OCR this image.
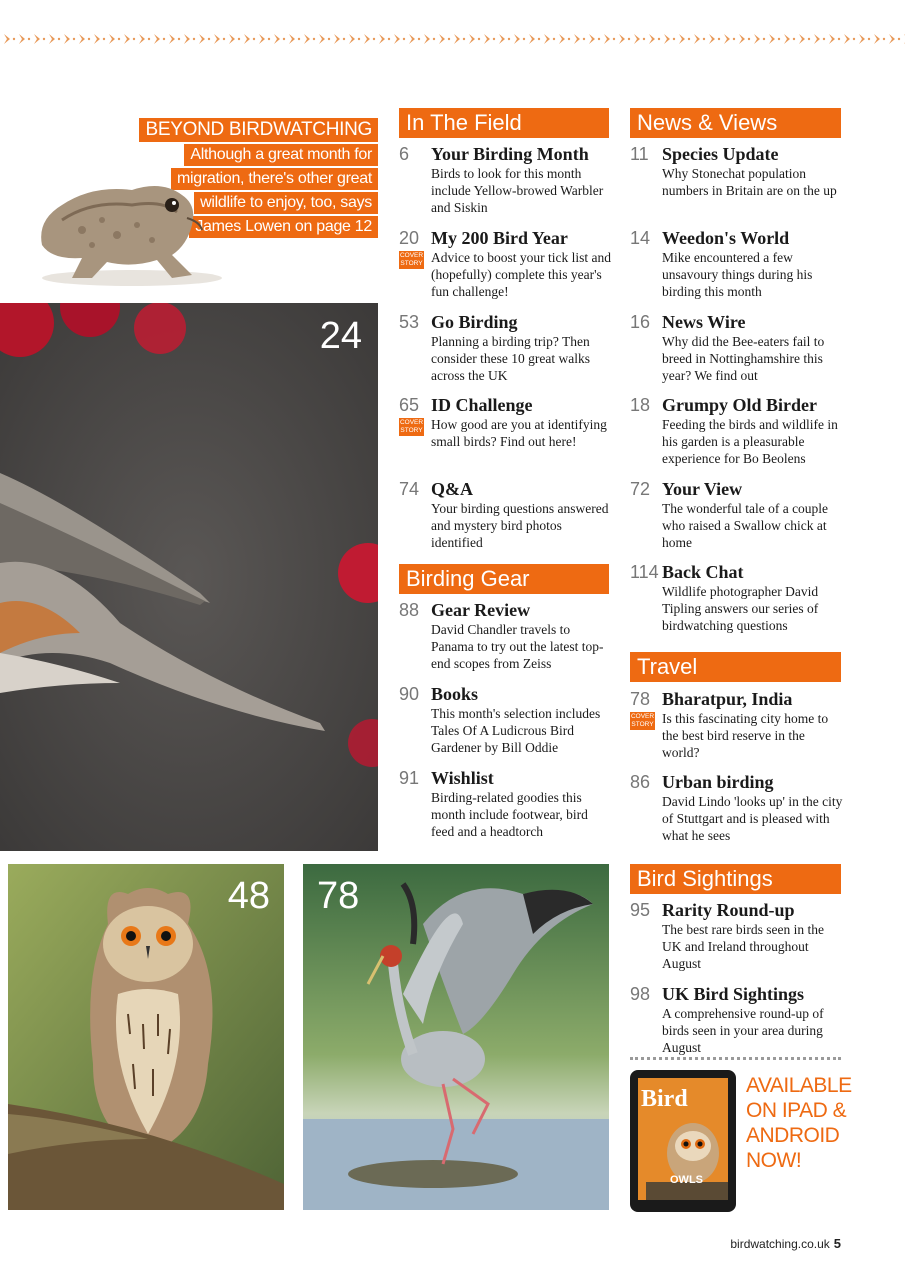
BEYOND BIRDWATCHING
Although a great month for
migration, there's other great
wildlife to enjoy, too, says
James Lowen on page 12
24
48 78
In The Field
Birding Gear
News & Views
Travel
Bird Sightings
6 Your Birding Month
Birds to look for this month include Yellow-browed Warbler and Siskin
20
COVER
STORY
My 200 Bird Year
Advice to boost your tick list and (hopefully) complete this year's fun challenge!
53 Go Birding
Planning a birding trip? Then consider these 10 great walks across the UK
65
COVER
STORY
ID Challenge
How good are you at identifying small birds? Find out here!
74 Q&A
Your birding questions answered and mystery bird photos identified
88 Gear Review
David Chandler travels to Panama to try out the latest top-end scopes from Zeiss
90 Books
This month's selection includes Tales Of A Ludicrous Bird Gardener by Bill Oddie
91 Wishlist
Birding-related goodies this month include footwear, bird feed and a headtorch
11 Species Update
Why Stonechat population numbers in Britain are on the up
14 Weedon's World
Mike encountered a few unsavoury things during his birding this month
16 News Wire
Why did the Bee-eaters fail to breed in Nottinghamshire this year? We find out
18 Grumpy Old Birder
Feeding the birds and wildlife in his garden is a pleasurable experience for Bo Beolens
72 Your View
The wonderful tale of a couple who raised a Swallow chick at home
114 Back Chat
Wildlife photographer David Tipling answers our series of birdwatching questions
78
COVER
STORY
Bharatpur, India
Is this fascinating city home to the best bird reserve in the world?
86 Urban birding
David Lindo 'looks up' in the city of Stuttgart and is pleased with what he sees
95 Rarity Round-up
The best rare birds seen in the UK and Ireland throughout August
98 UK Bird Sightings
A comprehensive round-up of birds seen in your area during August
Bird
OWLS
AVAILABLE
ON IPAD &
ANDROID
NOW!
birdwatching.co.uk 5
